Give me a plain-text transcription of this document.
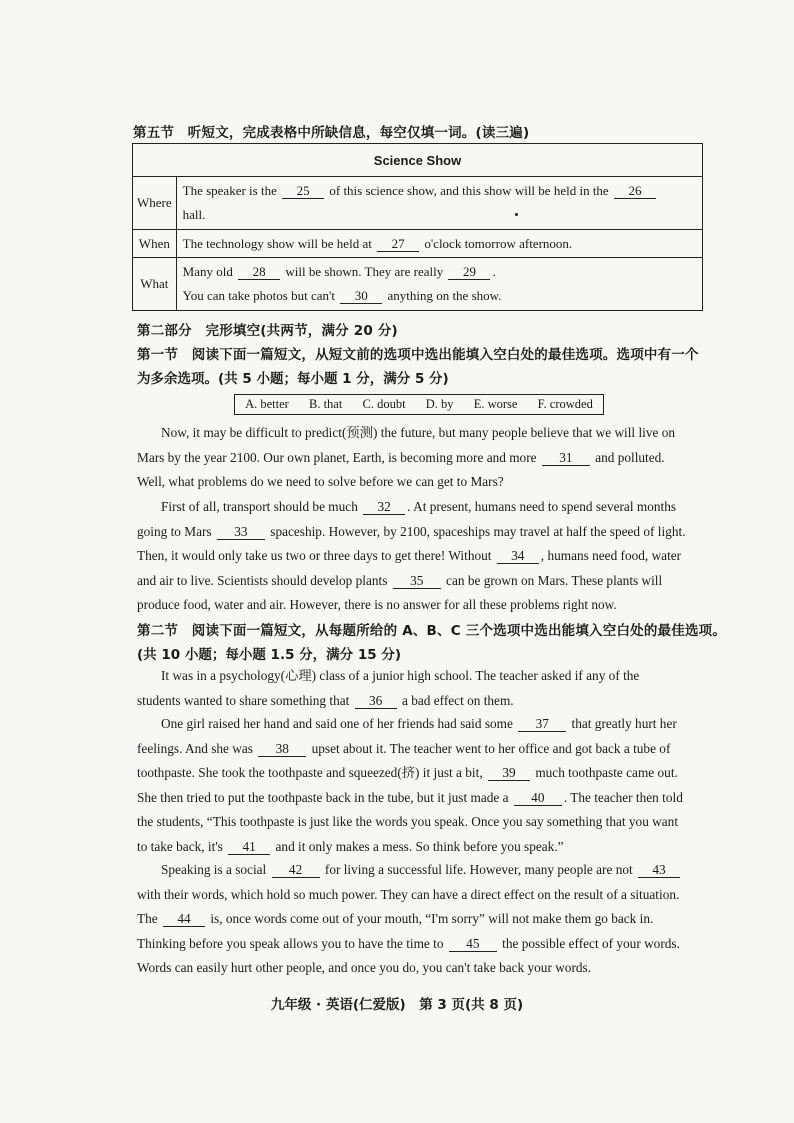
第五节　听短文，完成表格中所缺信息，每空仅填一词。(读三遍)
Science Show	
Where	The speaker is the 25 of this science show, and this show will be held in the 26
hall.

When	The technology show will be held at 27 o'clock tomorrow afternoon.

What	Many old 28 will be shown. They are really 29 .
You can take photos but can't 30 anything on the show.
第二部分　完形填空(共两节，满分 20 分)
第一节　阅读下面一篇短文，从短文前的选项中选出能填入空白处的最佳选项。选项中有一个
为多余选项。(共 5 小题；每小题 1 分，满分 5 分)
A. better B. that C. doubt D. by E. worse F. crowded
Now, it may be difficult to predict(预测) the future, but many people believe that we will live on
Mars by the year 2100. Our own planet, Earth, is becoming more and more 31 and polluted.
Well, what problems do we need to solve before we can get to Mars?
First of all, transport should be much 32 . At present, humans need to spend several months
going to Mars 33 spaceship. However, by 2100, spaceships may travel at half the speed of light.
Then, it would only take us two or three days to get there! Without 34 , humans need food, water
and air to live. Scientists should develop plants 35 can be grown on Mars. These plants will
produce food, water and air. However, there is no answer for all these problems right now.
第二节　阅读下面一篇短文，从每题所给的 A、B、C 三个选项中选出能填入空白处的最佳选项。
(共 10 小题；每小题 1.5 分，满分 15 分)
It was in a psychology(心理) class of a junior high school. The teacher asked if any of the
students wanted to share something that 36 a bad effect on them.
One girl raised her hand and said one of her friends had said some 37 that greatly hurt her
feelings. And she was 38 upset about it. The teacher went to her office and got back a tube of
toothpaste. She took the toothpaste and squeezed(挤) it just a bit, 39 much toothpaste came out.
She then tried to put the toothpaste back in the tube, but it just made a 40 . The teacher then told
the students, “This toothpaste is just like the words you speak. Once you say something that you want
to take back, it's 41 and it only makes a mess. So think before you speak.”
Speaking is a social 42 for living a successful life. However, many people are not 43
with their words, which hold so much power. They can have a direct effect on the result of a situation.
The 44 is, once words come out of your mouth, “I'm sorry” will not make them go back in.
Thinking before you speak allows you to have the time to 45 the possible effect of your words.
Words can easily hurt other people, and once you do, you can't take back your words.
九年级 · 英语(仁爱版)　第 3 页(共 8 页)
